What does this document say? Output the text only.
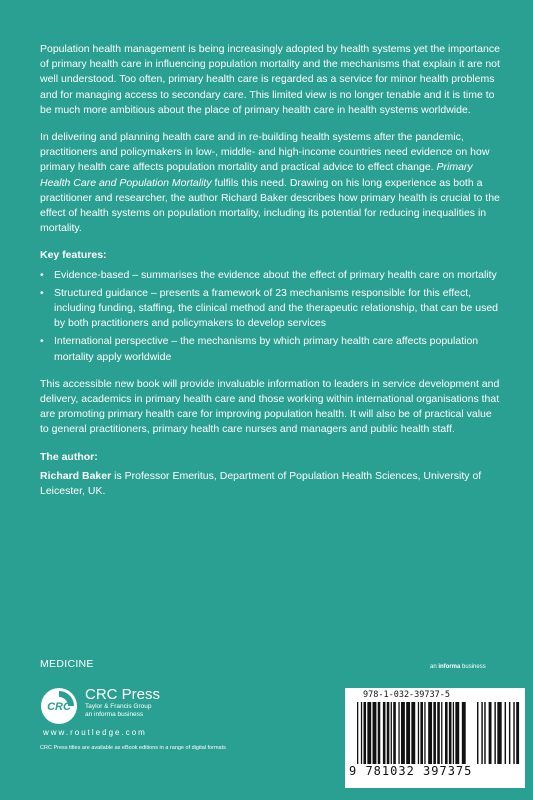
Population health management is being increasingly adopted by health systems yet the importance of primary health care in influencing population mortality and the mechanisms that explain it are not well understood. Too often, primary health care is regarded as a service for minor health problems and for managing access to secondary care. This limited view is no longer tenable and it is time to be much more ambitious about the place of primary health care in health systems worldwide.

In delivering and planning health care and in re-building health systems after the pandemic, practitioners and policymakers in low-, middle- and high-income countries need evidence on how primary health care affects population mortality and practical advice to effect change. Primary Health Care and Population Mortality fulfils this need. Drawing on his long experience as both a practitioner and researcher, the author Richard Baker describes how primary health is crucial to the effect of health systems on population mortality, including its potential for reducing inequalities in mortality.

Key features:
• Evidence-based – summarises the evidence about the effect of primary health care on mortality
• Structured guidance – presents a framework of 23 mechanisms responsible for this effect, including funding, staffing, the clinical method and the therapeutic relationship, that can be used by both practitioners and policymakers to develop services
• International perspective – the mechanisms by which primary health care affects population mortality apply worldwide

This accessible new book will provide invaluable information to leaders in service development and delivery, academics in primary health care and those working within international organisations that are promoting primary health care for improving population health. It will also be of practical value to general practitioners, primary health care nurses and managers and public health staff.

The author:

Richard Baker is Professor Emeritus, Department of Population Health Sciences, University of Leicester, UK.

MEDICINE	an informa business
CRC
CRC Press
Taylor & Francis Group
an informa business
www.routledge.com
CRC Press titles are available as eBook editions in a range of digital formats
978-1-032-39737-5
9 781032 397375
